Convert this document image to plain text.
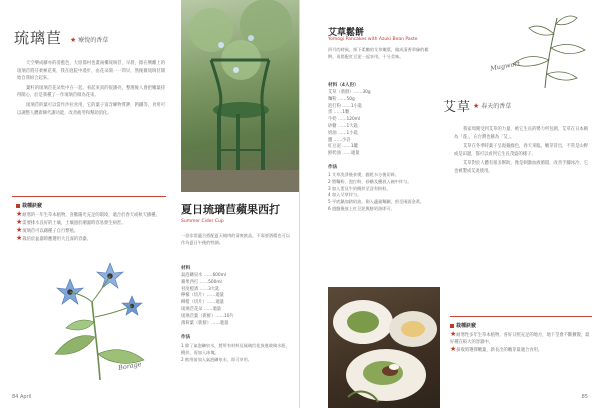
琉璃苣 ★ 療悅的香草

天空樂成藤亦的清藍色，大原都村也畫兩樓琉璃苣，早晨，擦在侧離上的琉璃苣將芬柔極花萊，我在庭院中漫步，由花朵開一一問早，然後微琉璃苣開始自我組合起來。

葉籽的琉璃苣花朵集中在一起，看起來真的很潘亮，整理後人會把嫩葉搓得開心，於是我種了一作琉璃苣做為花束。

琉璃苣的葉可以當作沙拉食用，它的葉子富含礦物質鉀，鈣鐵等，食用可以調整人體新陳代謝功能，改善疲勞和幫助消化。

栽種訣竅
★耐寒的一年生草本植物，喜歡陽光充足的環境，適合於春天或秋天播種。
★需要排水良好的土壤，土壤過於潮濕時容易發生病害。
★琉璃苣可以藉種子自行繁殖。
★栽培於盆器時應選用大且深的容器。
Borage
夏日琉璃苣蘋果西打
Summer Cider Cup
一款非常適合搭配夏天燒肉的清爽飲品，不需要酒精也可以作為夏日午後的特調。
材料
氣泡礦泉水 ……600ml
蘋果西打 ……500ml
君度橙酒 ……3大匙
檸檬（切片）……適量
柳橙（切片）……適量
琉璃苣花朵 ……適量
琉璃苣葉（新鮮）……10片
薄荷葉（新鮮）……適量
作法
1 除了氣泡礦泉水，將所有材料及琉璃苣花放進玻璃水瓶，攪拌，再加入冰塊。
2 飲用前加入氣泡礦泉水，即可享用。
84 April
艾草鬆餅
Yomogi Pancakes with Azuki Bean Paste
四月的時候，採下柔嫩的艾草嫩葉，做成清香翠綠的鬆餅，再搭配紅豆泥一起享用，十分美味。
材料（4人份）
艾草（新鮮）……30g
麵粉 ……50g
泡打粉 ……1小匙
蛋 ……1顆
牛奶 ……120ml
砂糖 ……1大匙
奶油 ……1小匙
鹽 ……少許
紅豆泥 ……1罐
鮮奶油 ……適量
作法
1 艾草洗淨後汆燙，瀝乾水分後切碎。
2 將麵粉、泡打粉、砂糖及鹽放入碗中拌勻。
3 加入蛋及牛奶攪拌至沒有粉粒。
4 加入艾草拌勻。
5 平底鍋加熱奶油，倒入適量麵糊，煎至兩面金黃。
6 盛盤後放上紅豆泥與鮮奶油即可。
Mugwort
艾草 ★ 春天的香草

我家周圍受到艾草的力量，被它生長的勢力所包圍，艾草在日本稱為「蓬」，在台灣也稱為「艾」。

艾草在冬季時葉子呈現銀綠色，春天來臨，嫩芽冒出，不管是山野或是田邊，都可以看到它生長茂盛的樣子。

艾草對於人體有很多幫助，像是刺激血液循環，改善手腳冰冷，它也被製成艾灸使用。

栽種訣竅
★耐寒性多年生草本植物，喜好日照充足的地方，地下莖會不斷擴散，最好種在較大的容器中。
★採收時選擇嫩葉，新長出的嫩芽最適合食用。
85
